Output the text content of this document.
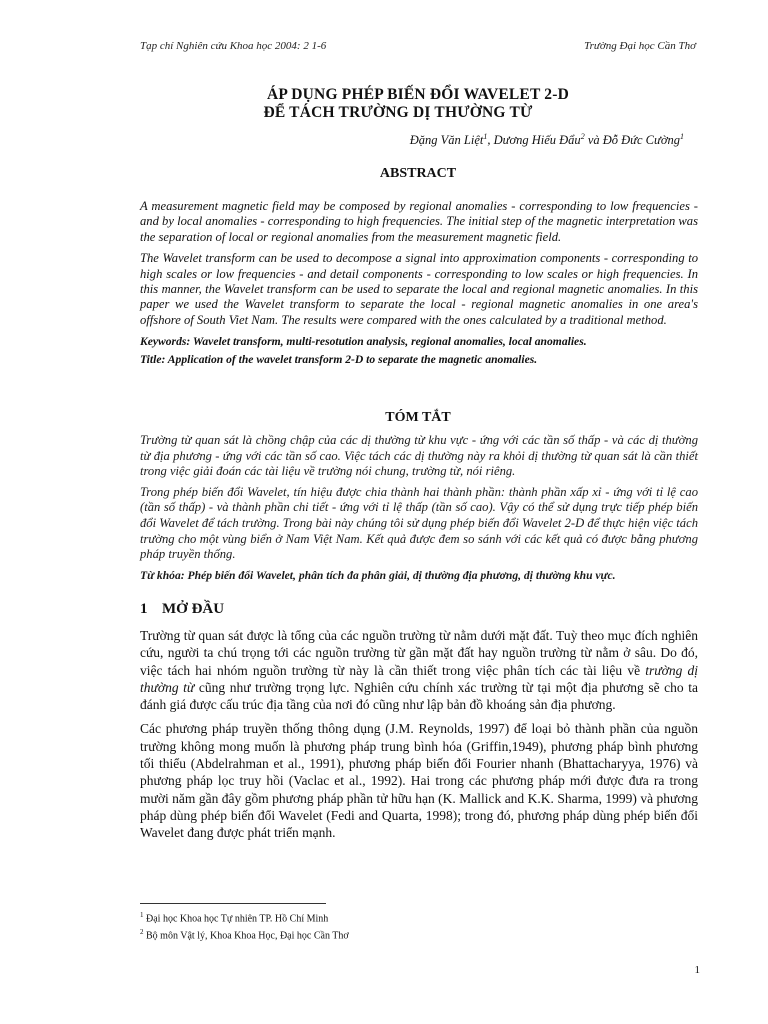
Tạp chí Nghiên cứu Khoa học 2004: 2 1-6	Trường Đại học Cần Thơ
ÁP DỤNG PHÉP BIẾN ĐỔI WAVELET 2-D
ĐỂ TÁCH TRƯỜNG DỊ THƯỜNG TỪ
Đặng Văn Liệt$^1$, Dương Hiếu Đẩu$^2$ và Đỗ Đức Cường$^1$
ABSTRACT

A measurement magnetic field may be composed by regional anomalies - corresponding to low frequencies - and by local anomalies - corresponding to high frequencies. The initial step of the magnetic interpretation was the separation of local or regional anomalies from the measurement magnetic field.

The Wavelet transform can be used to decompose a signal into approximation components - corresponding to high scales or low frequencies - and detail components - corresponding to low scales or high frequencies. In this manner, the Wavelet transform can be used to separate the local and regional magnetic anomalies. In this paper we used the Wavelet transform to separate the local - regional magnetic anomalies in one area's offshore of South Viet Nam. The results were compared with the ones calculated by a traditional method.

Keywords: Wavelet transform, multi-resotution analysis, regional anomalies, local anomalies.
Title: Application of the wavelet transform 2-D to separate the magnetic anomalies.
TÓM TẮT

Trường từ quan sát là chồng chập của các dị thường từ khu vực - ứng với các tần số thấp - và các dị thường từ địa phương - ứng với các tần số cao. Việc tách các dị thường này ra khỏi dị thường từ quan sát là cần thiết trong việc giải đoán các tài liệu về trường nói chung, trường từ, nói riêng.

Trong phép biến đổi Wavelet, tín hiệu được chia thành hai thành phần: thành phần xấp xỉ - ứng với tỉ lệ cao (tần số thấp) - và thành phần chi tiết - ứng với tỉ lệ thấp (tần số cao). Vậy có thể sử dụng trực tiếp phép biến đổi Wavelet để tách trường. Trong bài này chúng tôi sử dụng phép biến đổi Wavelet 2-D để thực hiện việc tách trường cho một vùng biển ở Nam Việt Nam. Kết quả được đem so sánh với các kết quả có được bằng phương pháp truyền thống.

Từ khóa: Phép biến đổi Wavelet, phân tích đa phân giải, dị thường địa phương, dị thường khu vực.
1 MỞ ĐẦU

Trường từ quan sát được là tổng của các nguồn trường từ nằm dưới mặt đất. Tuỳ theo mục đích nghiên cứu, người ta chú trọng tới các nguồn trường từ gần mặt đất hay nguồn trường từ nằm ở sâu. Do đó, việc tách hai nhóm nguồn trường từ này là cần thiết trong việc phân tích các tài liệu về trường dị thường từ cũng như trường trọng lực. Nghiên cứu chính xác trường từ tại một địa phương sẽ cho ta đánh giá được cấu trúc địa tầng của nơi đó cũng như lập bản đồ khoáng sản địa phương.

Các phương pháp truyền thống thông dụng (J.M. Reynolds, 1997) để loại bỏ thành phần của nguồn trường không mong muốn là phương pháp trung bình hóa (Griffin,1949), phương pháp bình phương tối thiểu (Abdelrahman et al., 1991), phương pháp biến đổi Fourier nhanh (Bhattacharyya, 1976) và phương pháp lọc truy hồi (Vaclac et al., 1992). Hai trong các phương pháp mới được đưa ra trong mười năm gần đây gồm phương pháp phần tử hữu hạn (K. Mallick and K.K. Sharma, 1999) và phương pháp dùng phép biến đổi Wavelet (Fedi and Quarta, 1998); trong đó, phương pháp dùng phép biến đổi Wavelet đang được phát triển mạnh.

$^1$ Đại học Khoa học Tự nhiên TP. Hồ Chí Minh
$^2$ Bộ môn Vật lý, Khoa Khoa Học, Đại học Cần Thơ
1
